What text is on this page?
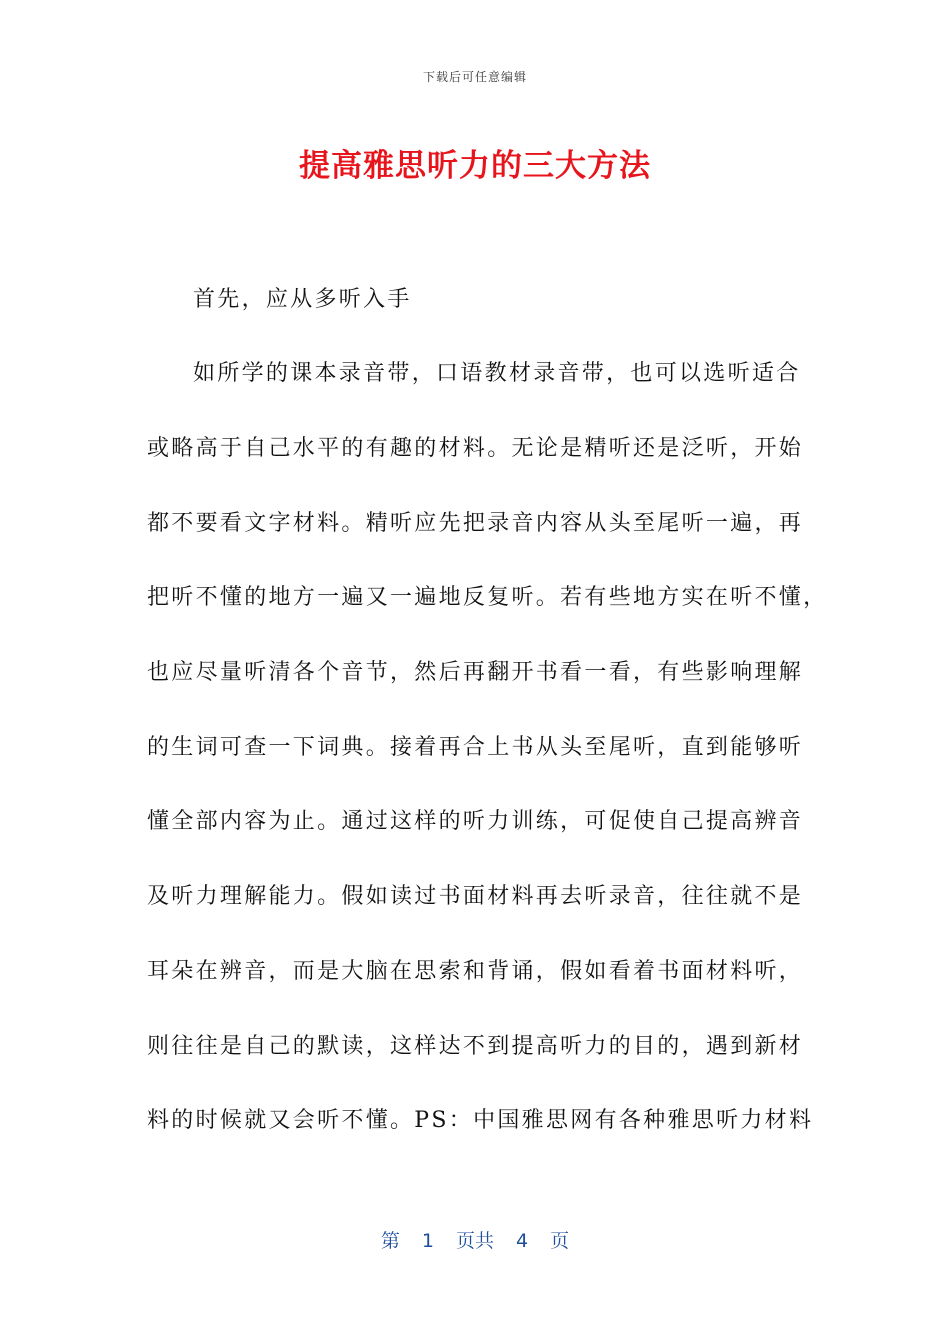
下载后可任意编辑
提高雅思听力的三大方法
首先，应从多听入手
如所学的课本录音带，口语教材录音带，也可以选听适合
或略高于自己水平的有趣的材料。无论是精听还是泛听，开始
都不要看文字材料。精听应先把录音内容从头至尾听一遍，再
把听不懂的地方一遍又一遍地反复听。若有些地方实在听不懂，
也应尽量听清各个音节，然后再翻开书看一看，有些影响理解
的生词可查一下词典。接着再合上书从头至尾听，直到能够听
懂全部内容为止。通过这样的听力训练，可促使自己提高辨音
及听力理解能力。假如读过书面材料再去听录音，往往就不是
耳朵在辨音，而是大脑在思索和背诵，假如看着书面材料听，
则往往是自己的默读，这样达不到提高听力的目的，遇到新材
料的时候就又会听不懂。PS：中国雅思网有各种雅思听力材料
第 1 页共 4 页
